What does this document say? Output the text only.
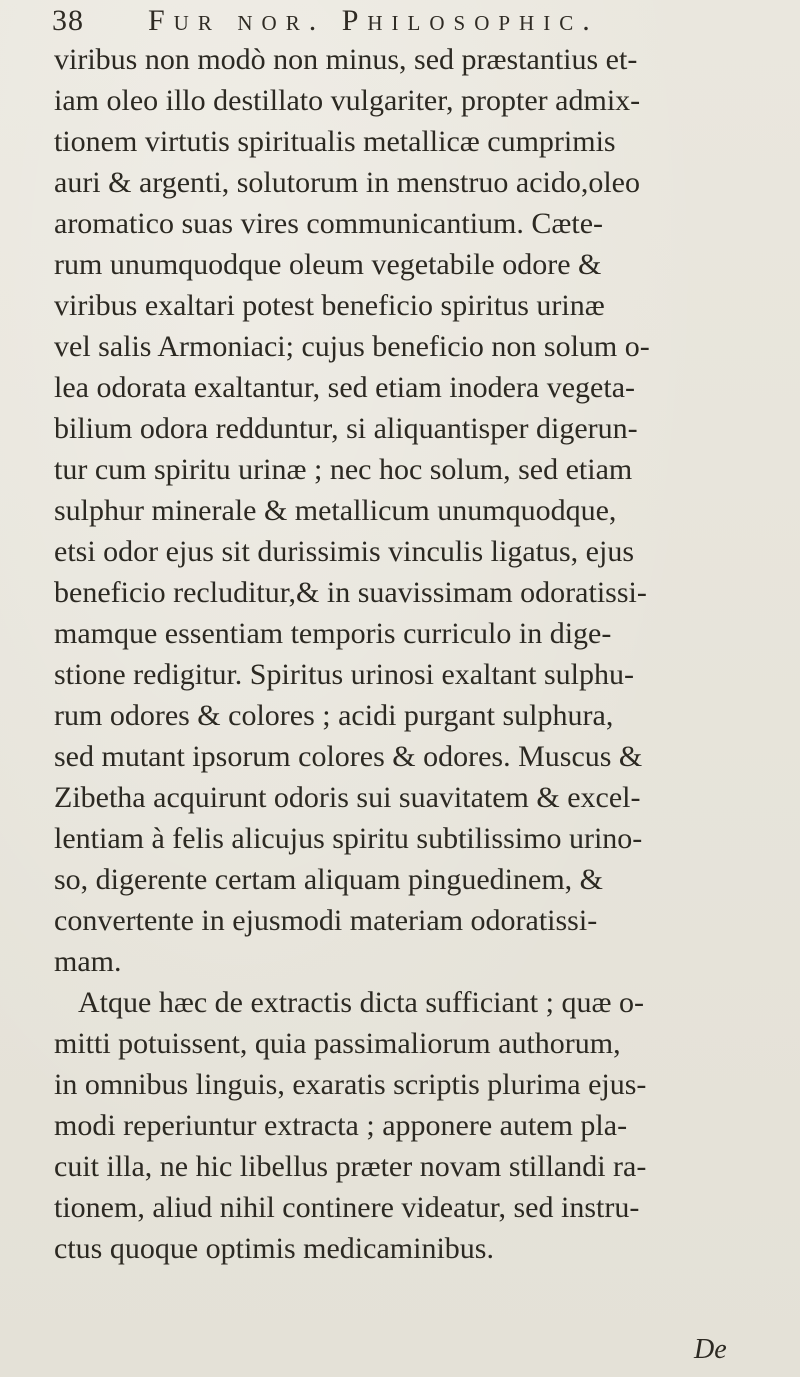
38 Fur nor. Philosophic.
viribus non modò non minus, sed præstantius et-
iam oleo illo destillato vulgariter, propter admix-
tionem virtutis spiritualis metallicæ cumprimis
auri & argenti, solutorum in menstruo acido,oleo
aromatico suas vires communicantium. Cæte-
rum unumquodque oleum vegetabile odore &
viribus exaltari potest beneficio spiritus urinæ
vel salis Armoniaci; cujus beneficio non solum o-
lea odorata exaltantur, sed etiam inodera vegeta-
bilium odora redduntur, si aliquantisper digerun-
tur cum spiritu urinæ ; nec hoc solum, sed etiam
sulphur minerale & metallicum unumquodque,
etsi odor ejus sit durissimis vinculis ligatus, ejus
beneficio recluditur,& in suavissimam odoratissi-
mamque essentiam temporis curriculo in dige-
stione redigitur. Spiritus urinosi exaltant sulphu-
rum odores & colores ; acidi purgant sulphura,
sed mutant ipsorum colores & odores. Muscus &
Zibetha acquirunt odoris sui suavitatem & excel-
lentiam à felis alicujus spiritu subtilissimo urino-
so, digerente certam aliquam pinguedinem, &
convertente in ejusmodi materiam odoratissi-
mam.
Atque hæc de extractis dicta sufficiant ; quæ o-
mitti potuissent, quia passimaliorum authorum,
in omnibus linguis, exaratis scriptis plurima ejus-
modi reperiuntur extracta ; apponere autem pla-
cuit illa, ne hic libellus præter novam stillandi ra-
tionem, aliud nihil continere videatur, sed instru-
ctus quoque optimis medicaminibus.
De
